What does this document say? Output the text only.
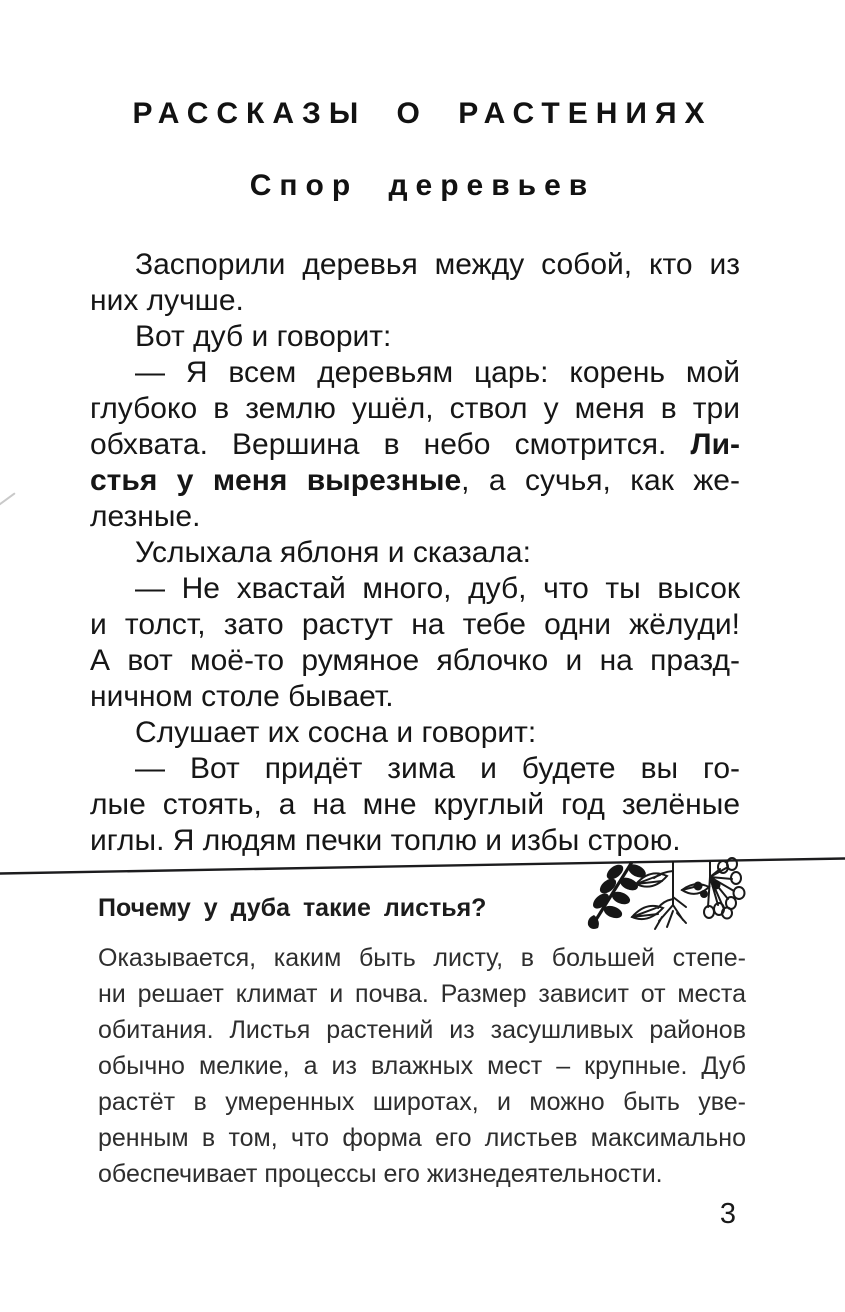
РАССКАЗЫ О РАСТЕНИЯХ
Спор деревьев
Заспорили деревья между собой, кто из
них лучше.
Вот дуб и говорит:
— Я всем деревьям царь: корень мой
глубоко в землю ушёл, ствол у меня в три
обхвата. Вершина в небо смотрится. Ли-
стья у меня вырезные, а сучья, как же-
лезные.
Услыхала яблоня и сказала:
— Не хвастай много, дуб, что ты высок
и толст, зато растут на тебе одни жёлуди!
А вот моё-то румяное яблочко и на празд-
ничном столе бывает.
Слушает их сосна и говорит:
— Вот придёт зима и будете вы го-
лые стоять, а на мне круглый год зелёные
иглы. Я людям печки топлю и избы строю.
Почему у дуба такие листья?
Оказывается, каким быть листу, в большей степе-
ни решает климат и почва. Размер зависит от места
обитания. Листья растений из засушливых районов
обычно мелкие, а из влажных мест – крупные. Дуб
растёт в умеренных широтах, и можно быть уве-
ренным в том, что форма его листьев максимально
обеспечивает процессы его жизнедеятельности.
3
